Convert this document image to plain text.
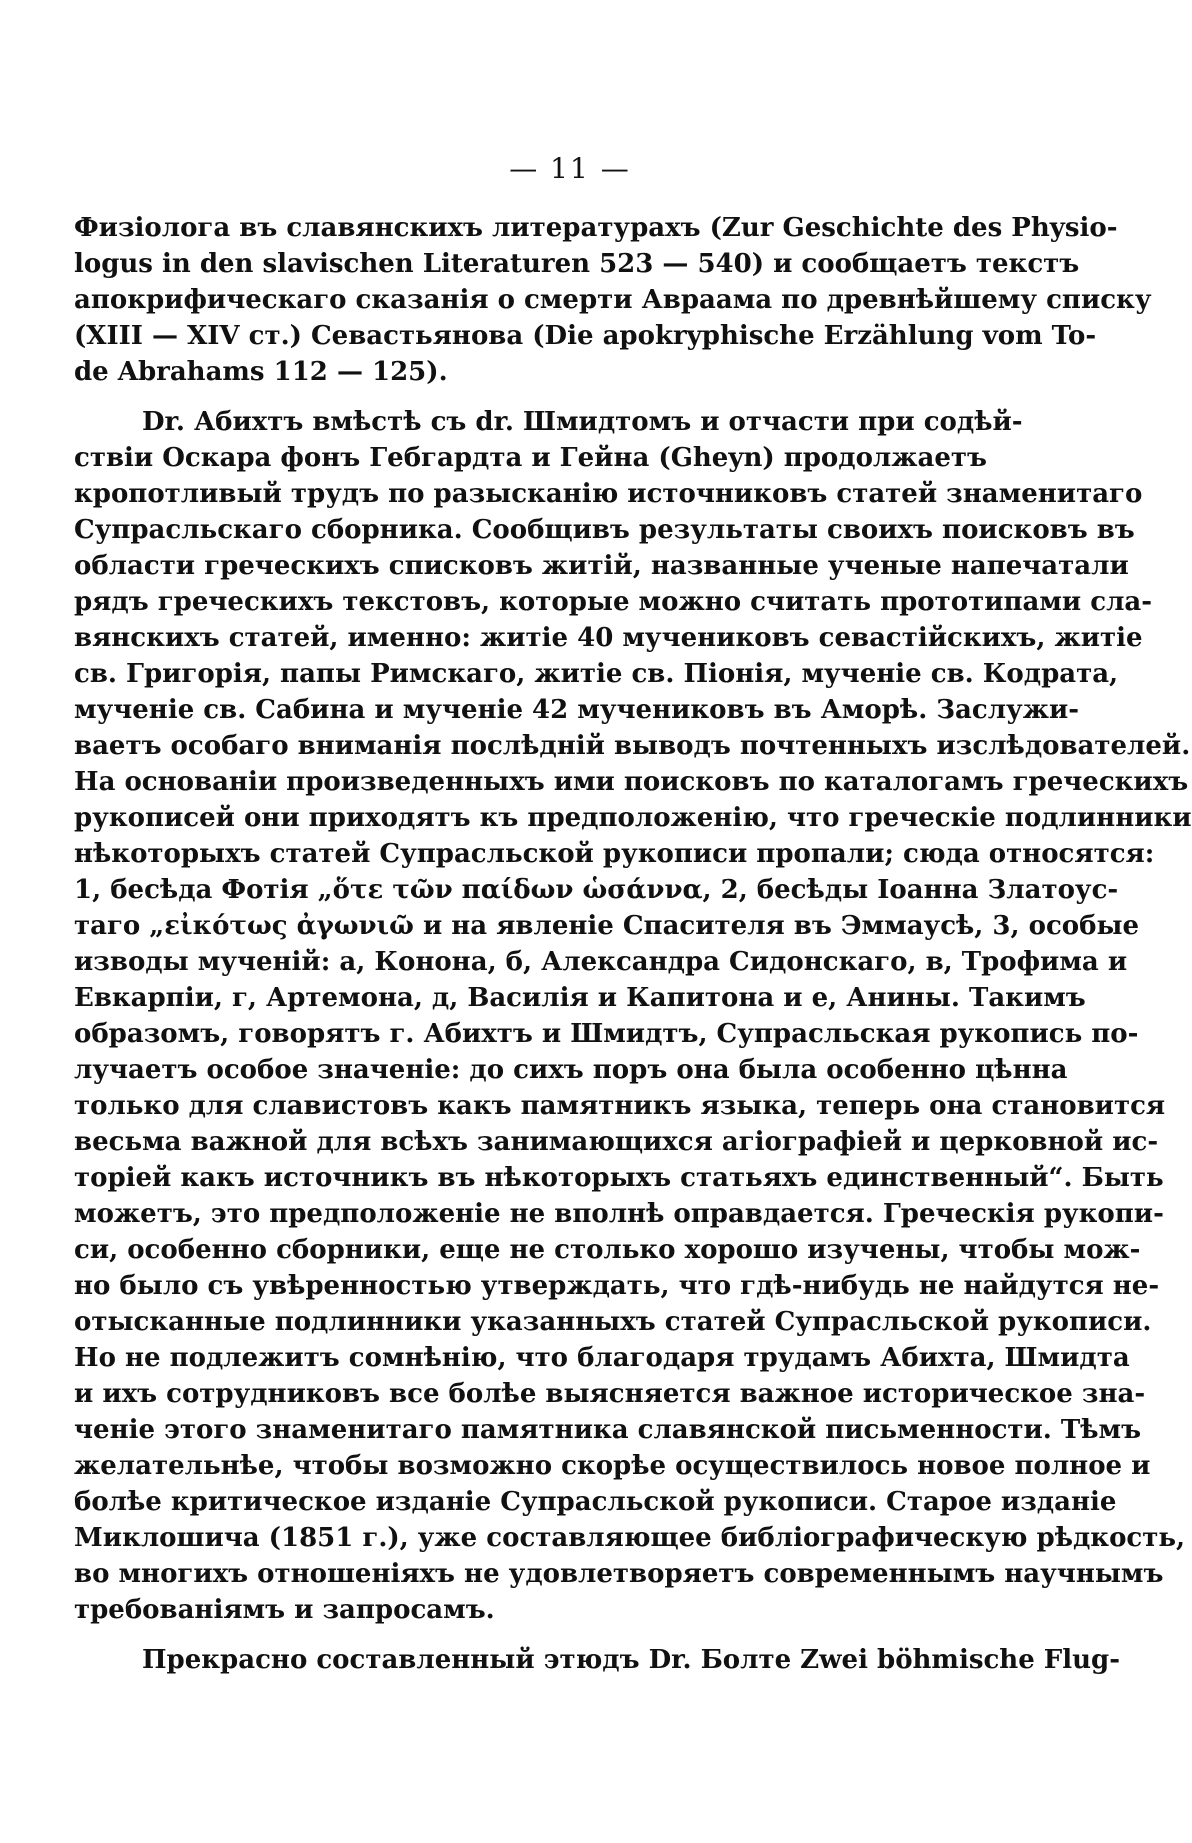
— 11 —
Физіолога въ славянскихъ литературахъ (Zur Geschichte des Physio-
logus in den slavischen Literaturen 523 — 540) и сообщаетъ текстъ
апокрифическаго сказанія о смерти Авраама по древнѣйшему списку
(XIII — XIV ст.) Севастьянова (Die apokryphische Erzählung vom To-
de Abrahams 112 — 125).
Dr. Абихтъ вмѣстѣ съ dr. Шмидтомъ и отчасти при содѣй-
ствіи Оскара фонъ Гебгардта и Гейна (Gheyn) продолжаетъ
кропотливый трудъ по разысканію источниковъ статей знаменитаго
Супрасльскаго сборника. Сообщивъ результаты своихъ поисковъ въ
области греческихъ списковъ житій, названные ученые напечатали
рядъ греческихъ текстовъ, которые можно считать прототипами сла-
вянскихъ статей, именно: житіе 40 мучениковъ севастійскихъ, житіе
св. Григорія, папы Римскаго, житіе св. Піонія, мученіе св. Кодрата,
мученіе св. Сабина и мученіе 42 мучениковъ въ Аморѣ. Заслужи-
ваетъ особаго вниманія послѣдній выводъ почтенныхъ изслѣдователей.
На основаніи произведенныхъ ими поисковъ по каталогамъ греческихъ
рукописей они приходятъ къ предположенію, что греческіе подлинники
нѣкоторыхъ статей Супрасльской рукописи пропали; сюда относятся:
1, бесѣда Фотія „ὅτε τῶν παίδων ὡσάννα, 2, бесѣды Іоанна Златоус-
таго „εἰκότως ἀγωνιῶ и на явленіе Спасителя въ Эммаусѣ, 3, особые
изводы мученій: а, Конона, б, Александра Сидонскаго, в, Трофима и
Евкарпіи, г, Артемона, д, Василія и Капитона и е, Анины. Такимъ
образомъ, говорятъ г. Абихтъ и Шмидтъ, Супрасльская рукопись по-
лучаетъ особое значеніе: до сихъ поръ она была особенно цѣнна
только для славистовъ какъ памятникъ языка, теперь она становится
весьма важной для всѣхъ занимающихся агіографіей и церковной ис-
торіей какъ источникъ въ нѣкоторыхъ статьяхъ единственный“. Быть
можетъ, это предположеніе не вполнѣ оправдается. Греческія рукопи-
си, особенно сборники, еще не столько хорошо изучены, чтобы мож-
но было съ увѣренностью утверждать, что гдѣ-нибудь не найдутся не-
отысканные подлинники указанныхъ статей Супрасльской рукописи.
Но не подлежитъ сомнѣнію, что благодаря трудамъ Абихта, Шмидта
и ихъ сотрудниковъ все болѣе выясняется важное историческое зна-
ченіе этого знаменитаго памятника славянской письменности. Тѣмъ
желательнѣе, чтобы возможно скорѣе осуществилось новое полное и
болѣе критическое изданіе Супрасльской рукописи. Старое изданіе
Миклошича (1851 г.), уже составляющее библіографическую рѣдкость,
во многихъ отношеніяхъ не удовлетворяетъ современнымъ научнымъ
требованіямъ и запросамъ.
Прекрасно составленный этюдъ Dr. Болте Zwei böhmische Flug-
